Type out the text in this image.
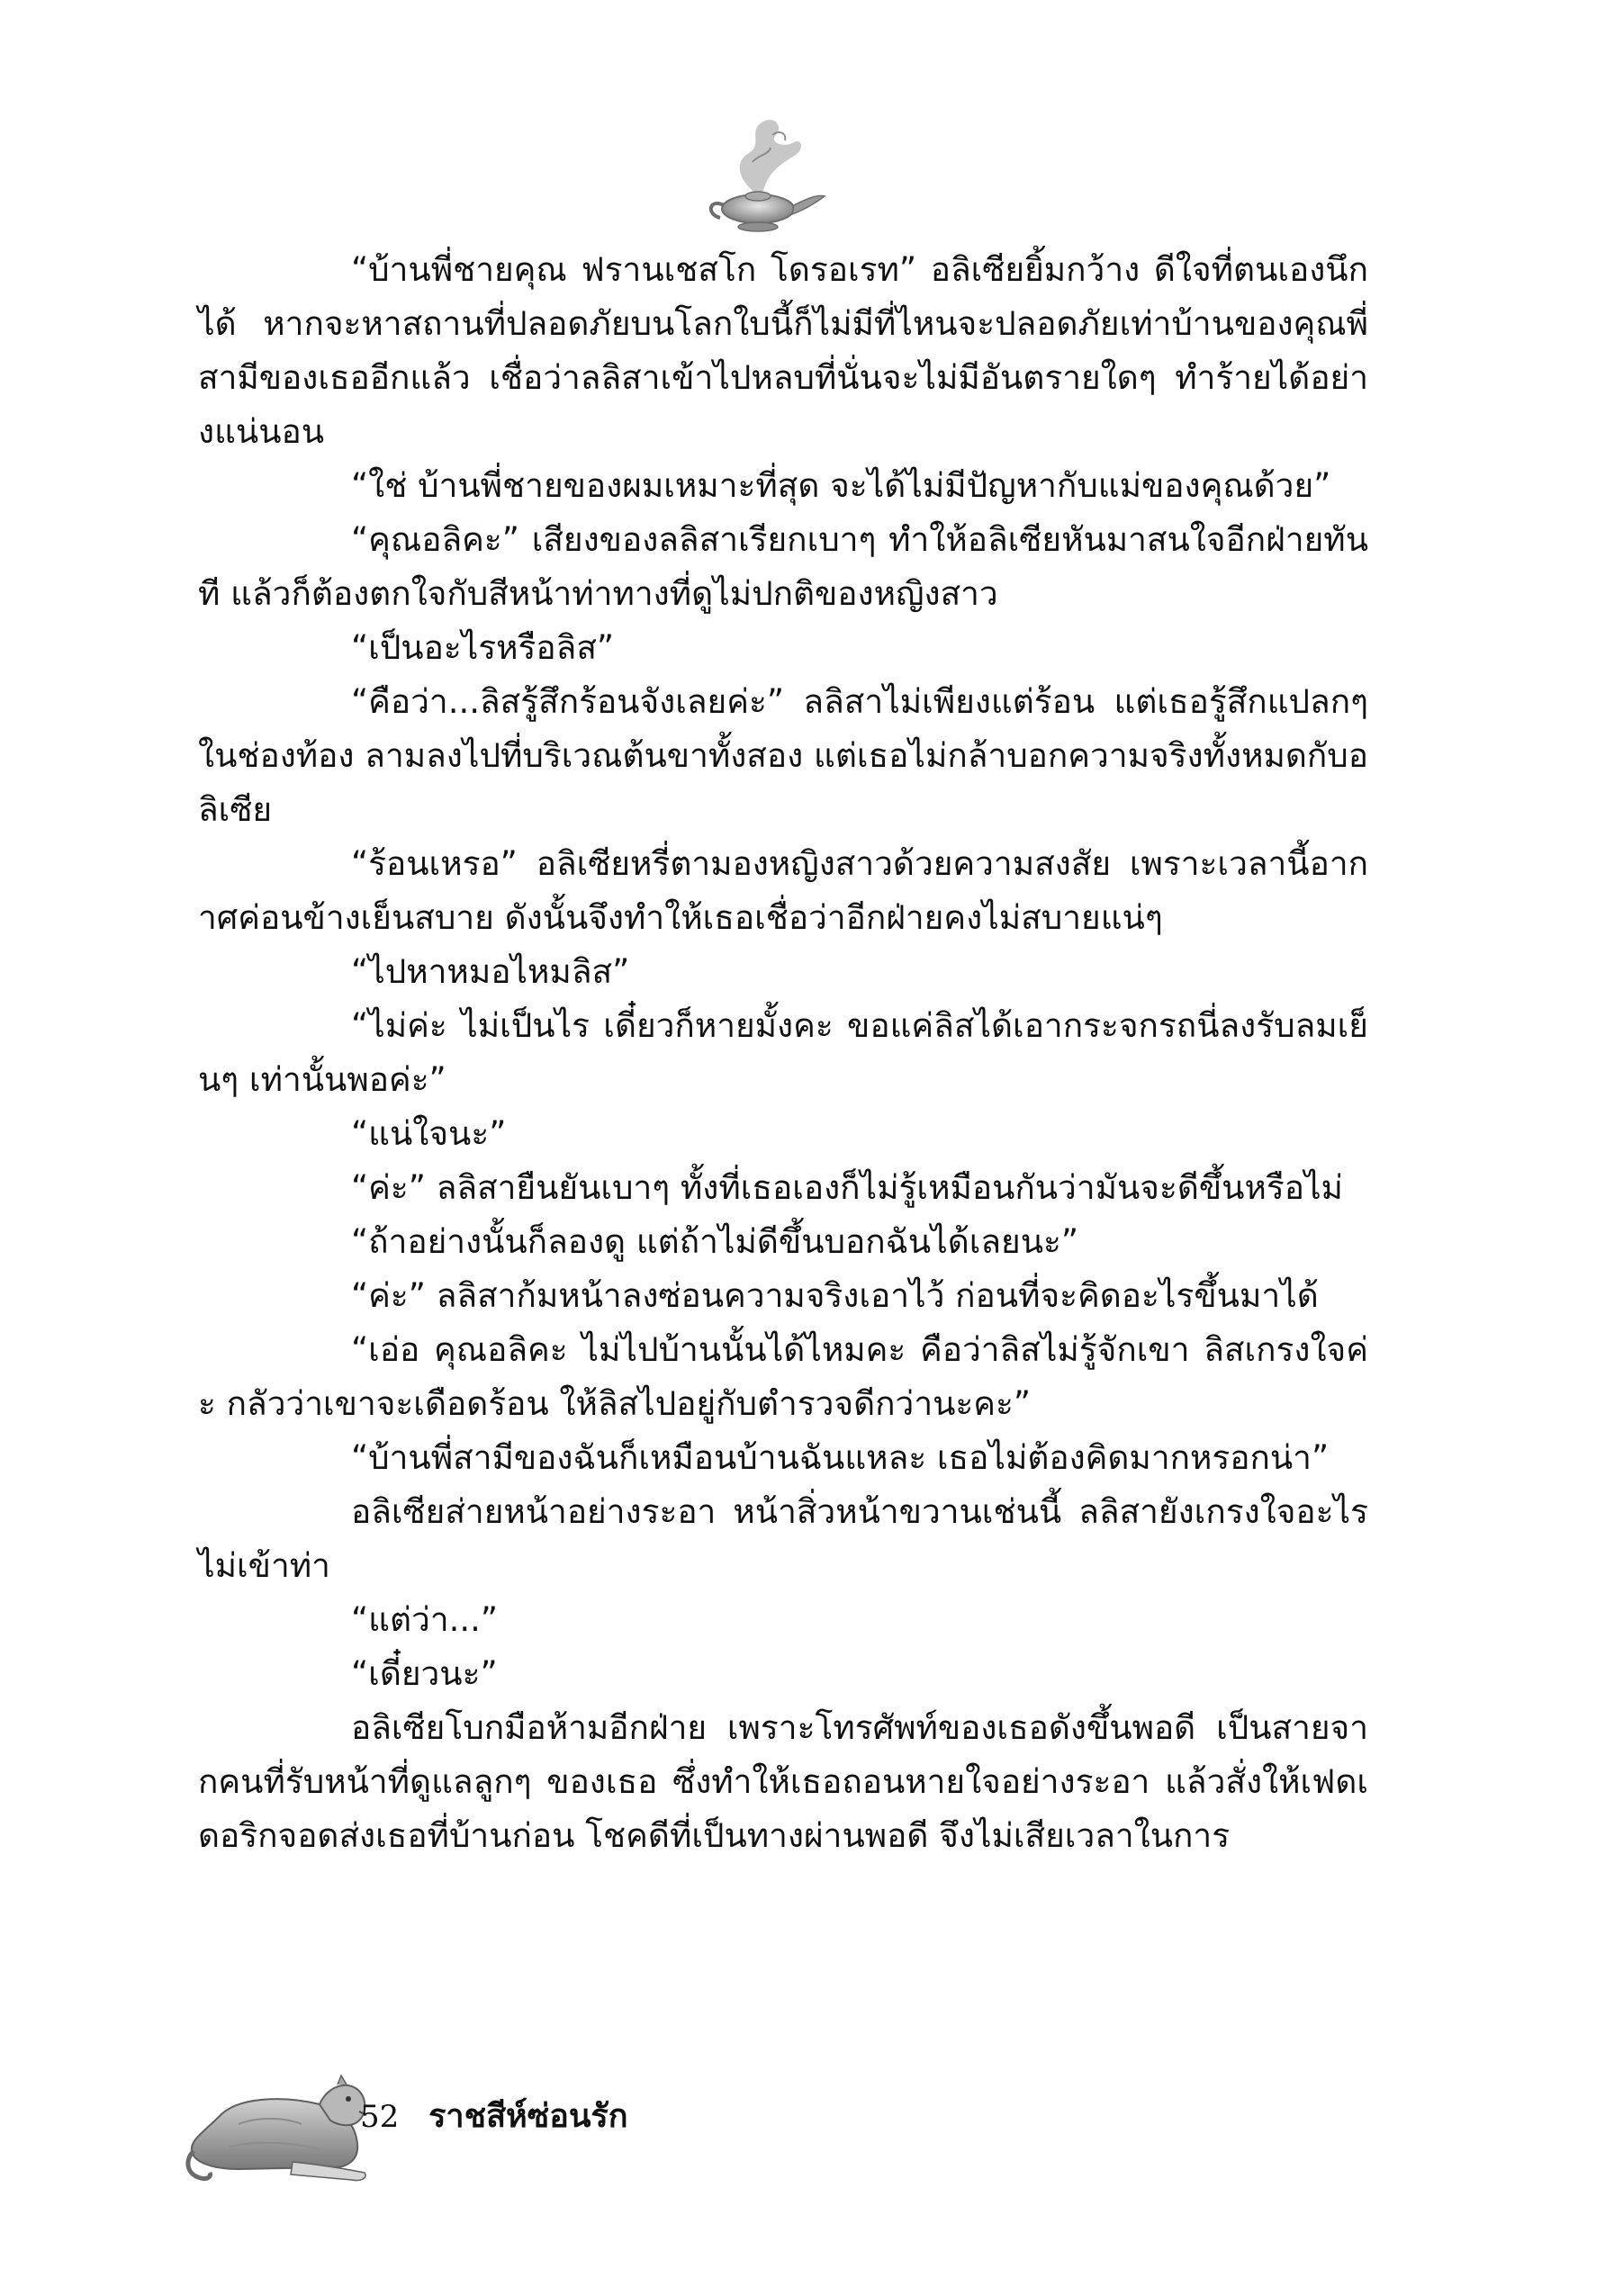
“บ้านพี่ชายคุณ ฟรานเชสโก โดรอเรท” อลิเซียยิ้มกว้าง ดีใจที่ตนเองนึกได้ หากจะหาสถานที่ปลอดภัยบนโลกใบนี้ก็ไม่มีที่ไหนจะปลอดภัยเท่าบ้านของคุณพี่สามีของเธออีกแล้ว เชื่อว่าลลิสาเข้าไปหลบที่นั่นจะไม่มีอันตรายใดๆ ทำร้ายได้อย่างแน่นอน

“ใช่ บ้านพี่ชายของผมเหมาะที่สุด จะได้ไม่มีปัญหากับแม่ของคุณด้วย”

“คุณอลิคะ” เสียงของลลิสาเรียกเบาๆ ทำให้อลิเซียหันมาสนใจอีกฝ่ายทันที แล้วก็ต้องตกใจกับสีหน้าท่าทางที่ดูไม่ปกติของหญิงสาว

“เป็นอะไรหรือลิส”

“คือว่า...ลิสรู้สึกร้อนจังเลยค่ะ” ลลิสาไม่เพียงแต่ร้อน แต่เธอรู้สึกแปลกๆ ในช่องท้อง ลามลงไปที่บริเวณต้นขาทั้งสอง แต่เธอไม่กล้าบอกความจริงทั้งหมดกับอลิเซีย

“ร้อนเหรอ” อลิเซียหรี่ตามองหญิงสาวด้วยความสงสัย เพราะเวลานี้อากาศค่อนข้างเย็นสบาย ดังนั้นจึงทำให้เธอเชื่อว่าอีกฝ่ายคงไม่สบายแน่ๆ

“ไปหาหมอไหมลิส”

“ไม่ค่ะ ไม่เป็นไร เดี๋ยวก็หายมั้งคะ ขอแค่ลิสได้เอากระจกรถนี่ลงรับลมเย็นๆ เท่านั้นพอค่ะ”

“แน่ใจนะ”

“ค่ะ” ลลิสายืนยันเบาๆ ทั้งที่เธอเองก็ไม่รู้เหมือนกันว่ามันจะดีขึ้นหรือไม่

“ถ้าอย่างนั้นก็ลองดู แต่ถ้าไม่ดีขึ้นบอกฉันได้เลยนะ”

“ค่ะ” ลลิสาก้มหน้าลงซ่อนความจริงเอาไว้ ก่อนที่จะคิดอะไรขึ้นมาได้

“เอ่อ คุณอลิคะ ไม่ไปบ้านนั้นได้ไหมคะ คือว่าลิสไม่รู้จักเขา ลิสเกรงใจค่ะ กลัวว่าเขาจะเดือดร้อน ให้ลิสไปอยู่กับตำรวจดีกว่านะคะ”

“บ้านพี่สามีของฉันก็เหมือนบ้านฉันแหละ เธอไม่ต้องคิดมากหรอกน่า”

อลิเซียส่ายหน้าอย่างระอา หน้าสิ่วหน้าขวานเช่นนี้ ลลิสายังเกรงใจอะไรไม่เข้าท่า

“แต่ว่า...”

“เดี๋ยวนะ”

อลิเซียโบกมือห้ามอีกฝ่าย เพราะโทรศัพท์ของเธอดังขึ้นพอดี เป็นสายจากคนที่รับหน้าที่ดูแลลูกๆ ของเธอ ซึ่งทำให้เธอถอนหายใจอย่างระอา แล้วสั่งให้เฟดเดอริกจอดส่งเธอที่บ้านก่อน โชคดีที่เป็นทางผ่านพอดี จึงไม่เสียเวลาในการ

52 ราชสีห์ซ่อนรัก
